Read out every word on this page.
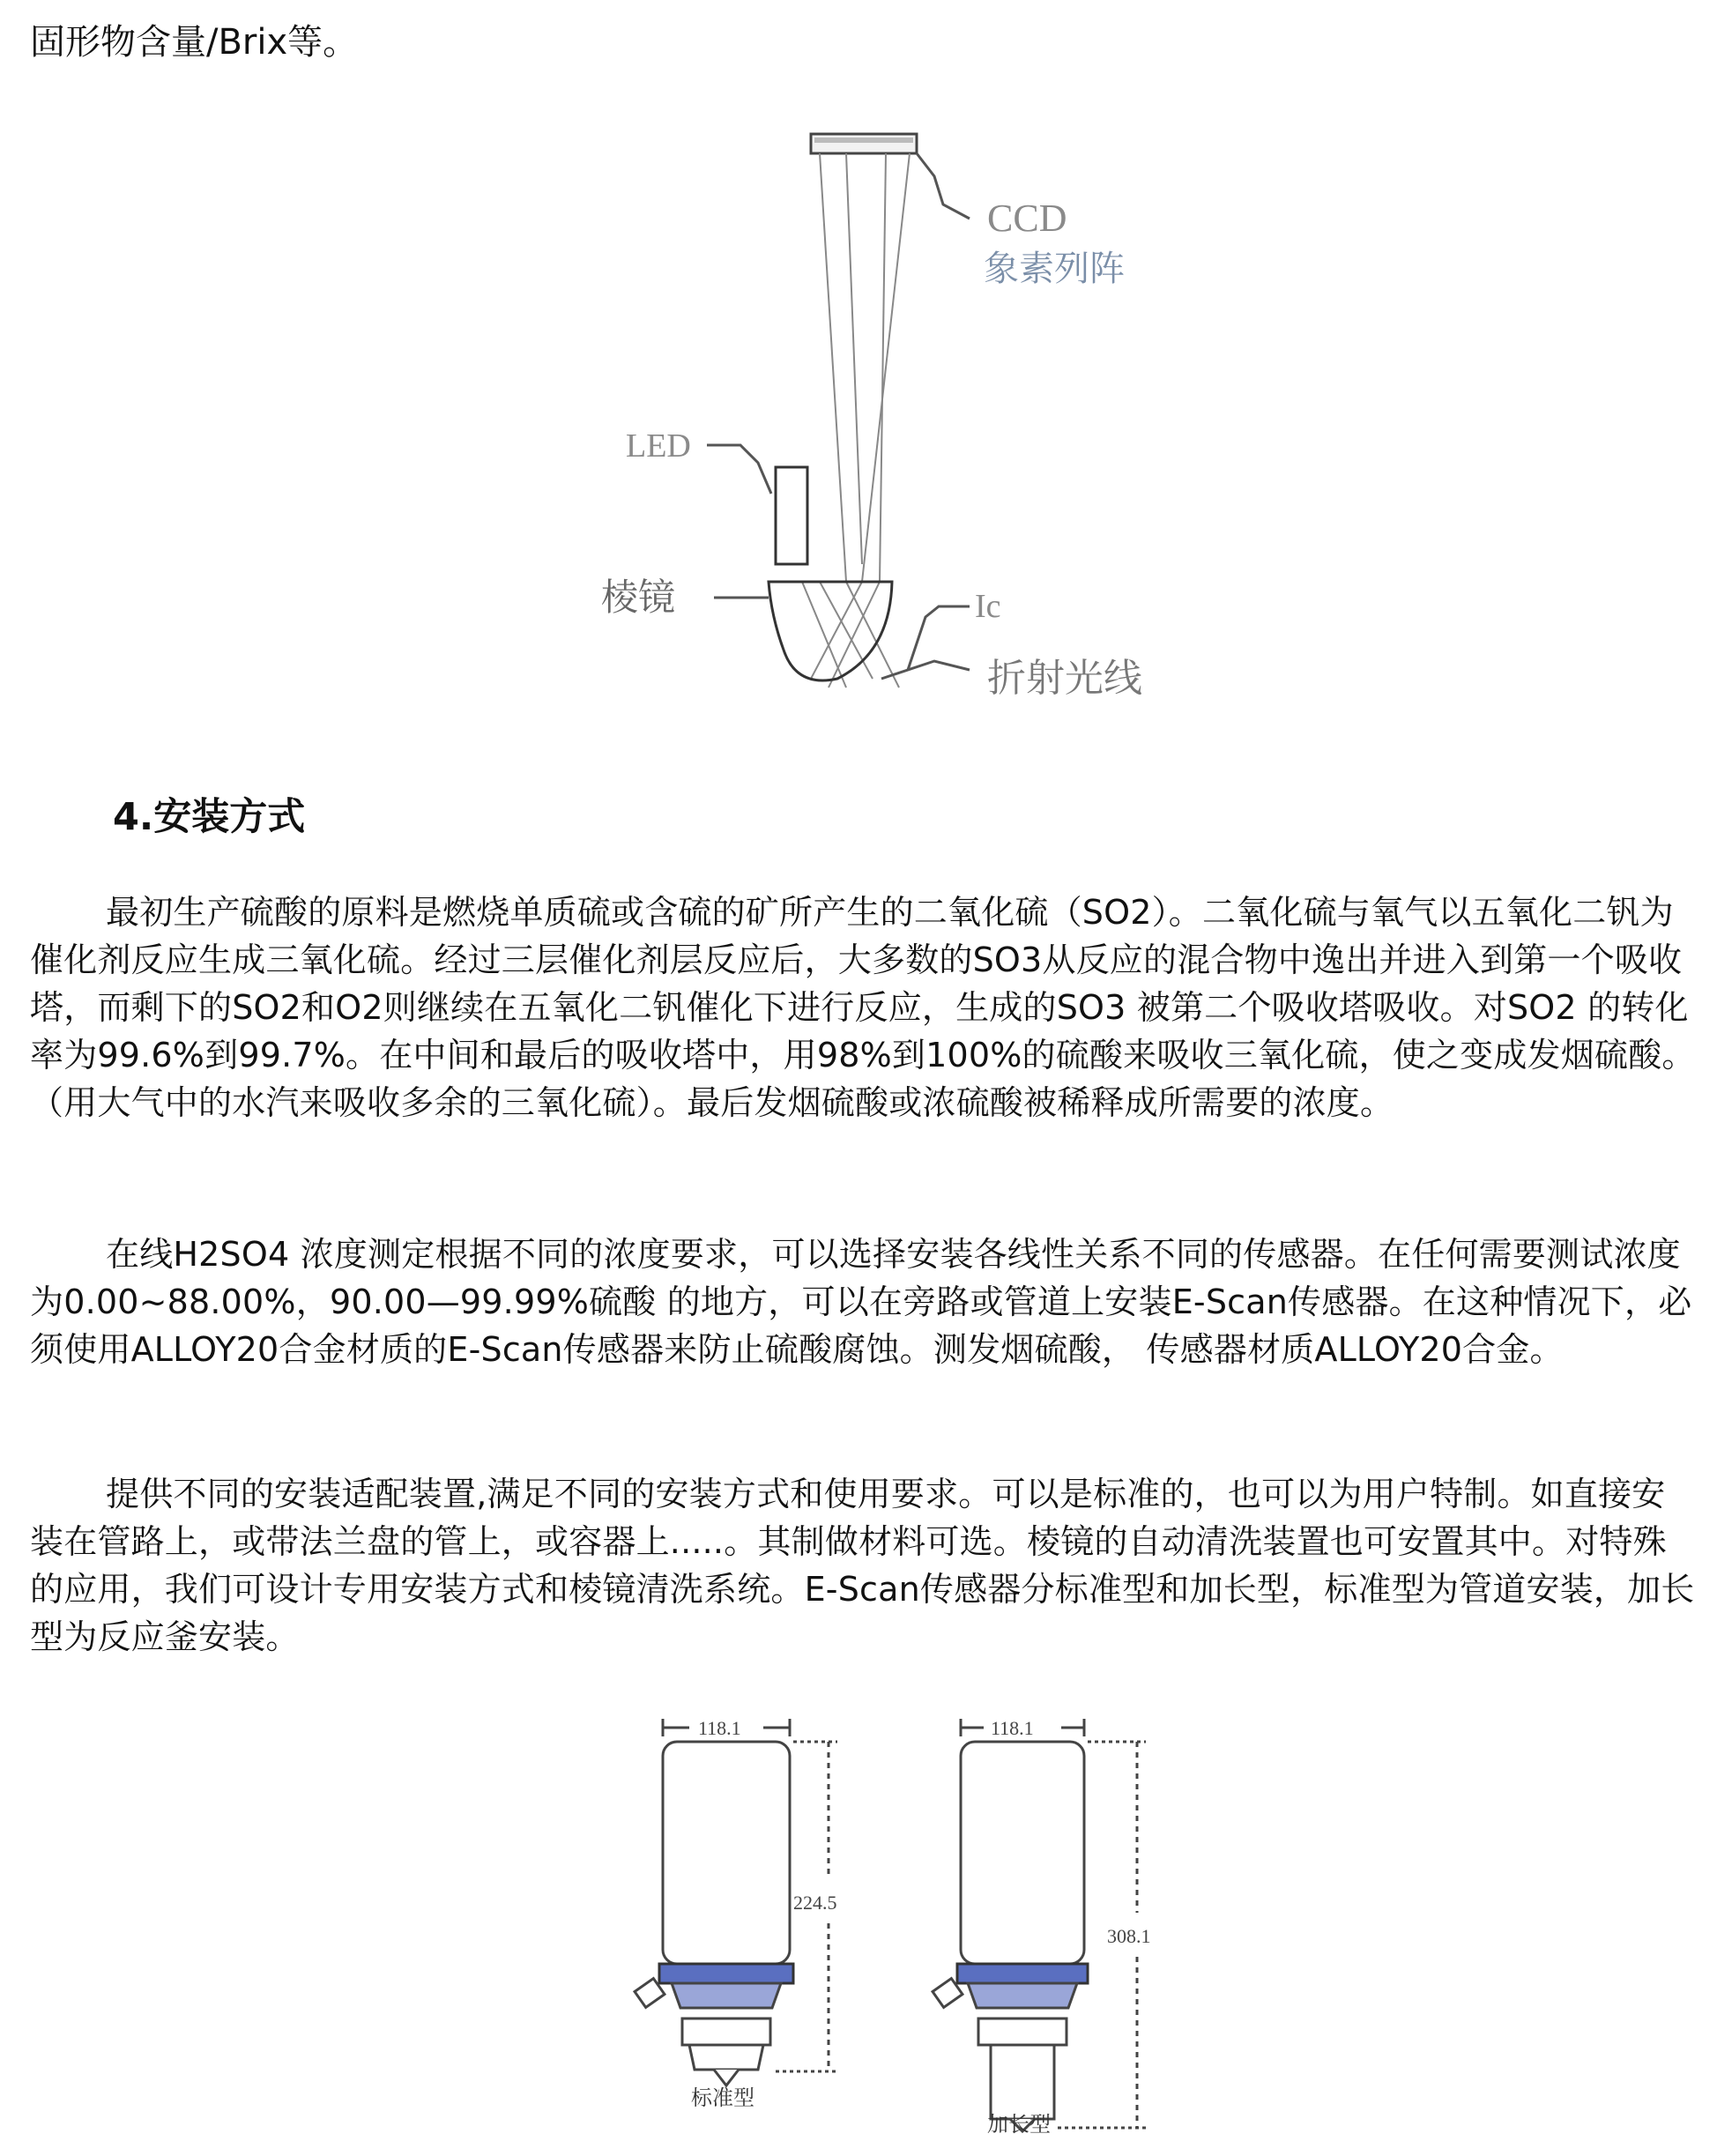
固形物含量/Brix等。

CCD
象素列阵
LED
棱镜	Ic
折射光线
4.安装方式

最初生产硫酸的原料是燃烧单质硫或含硫的矿所产生的二氧化硫（SO2）。二氧化硫与氧气以五氧化二钒为催化剂反应生成三氧化硫。经过三层催化剂层反应后，大多数的SO3从反应的混合物中逸出并进入到第一个吸收塔，而剩下的SO2和O2则继续在五氧化二钒催化下进行反应，生成的SO3 被第二个吸收塔吸收。对SO2 的转化率为99.6%到99.7%。在中间和最后的吸收塔中，用98%到100%的硫酸来吸收三氧化硫，使之变成发烟硫酸。（用大气中的水汽来吸收多余的三氧化硫）。最后发烟硫酸或浓硫酸被稀释成所需要的浓度。

在线H2SO4 浓度测定根据不同的浓度要求，可以选择安装各线性关系不同的传感器。在任何需要测试浓度为0.00~88.00%，90.00—99.99%硫酸 的地方，可以在旁路或管道上安装E-Scan传感器。在这种情况下，必须使用ALLOY20合金材质的E-Scan传感器来防止硫酸腐蚀。测发烟硫酸， 传感器材质ALLOY20合金。

提供不同的安装适配装置,满足不同的安装方式和使用要求。可以是标准的，也可以为用户特制。如直接安装在管路上，或带法兰盘的管上，或容器上.....。其制做材料可选。棱镜的自动清洗装置也可安置其中。对特殊的应用，我们可设计专用安装方式和棱镜清洗系统。E-Scan传感器分标准型和加长型，标准型为管道安装，加长型为反应釜安装。

118.1
224.5
标准型
118.1
308.1
加长型
